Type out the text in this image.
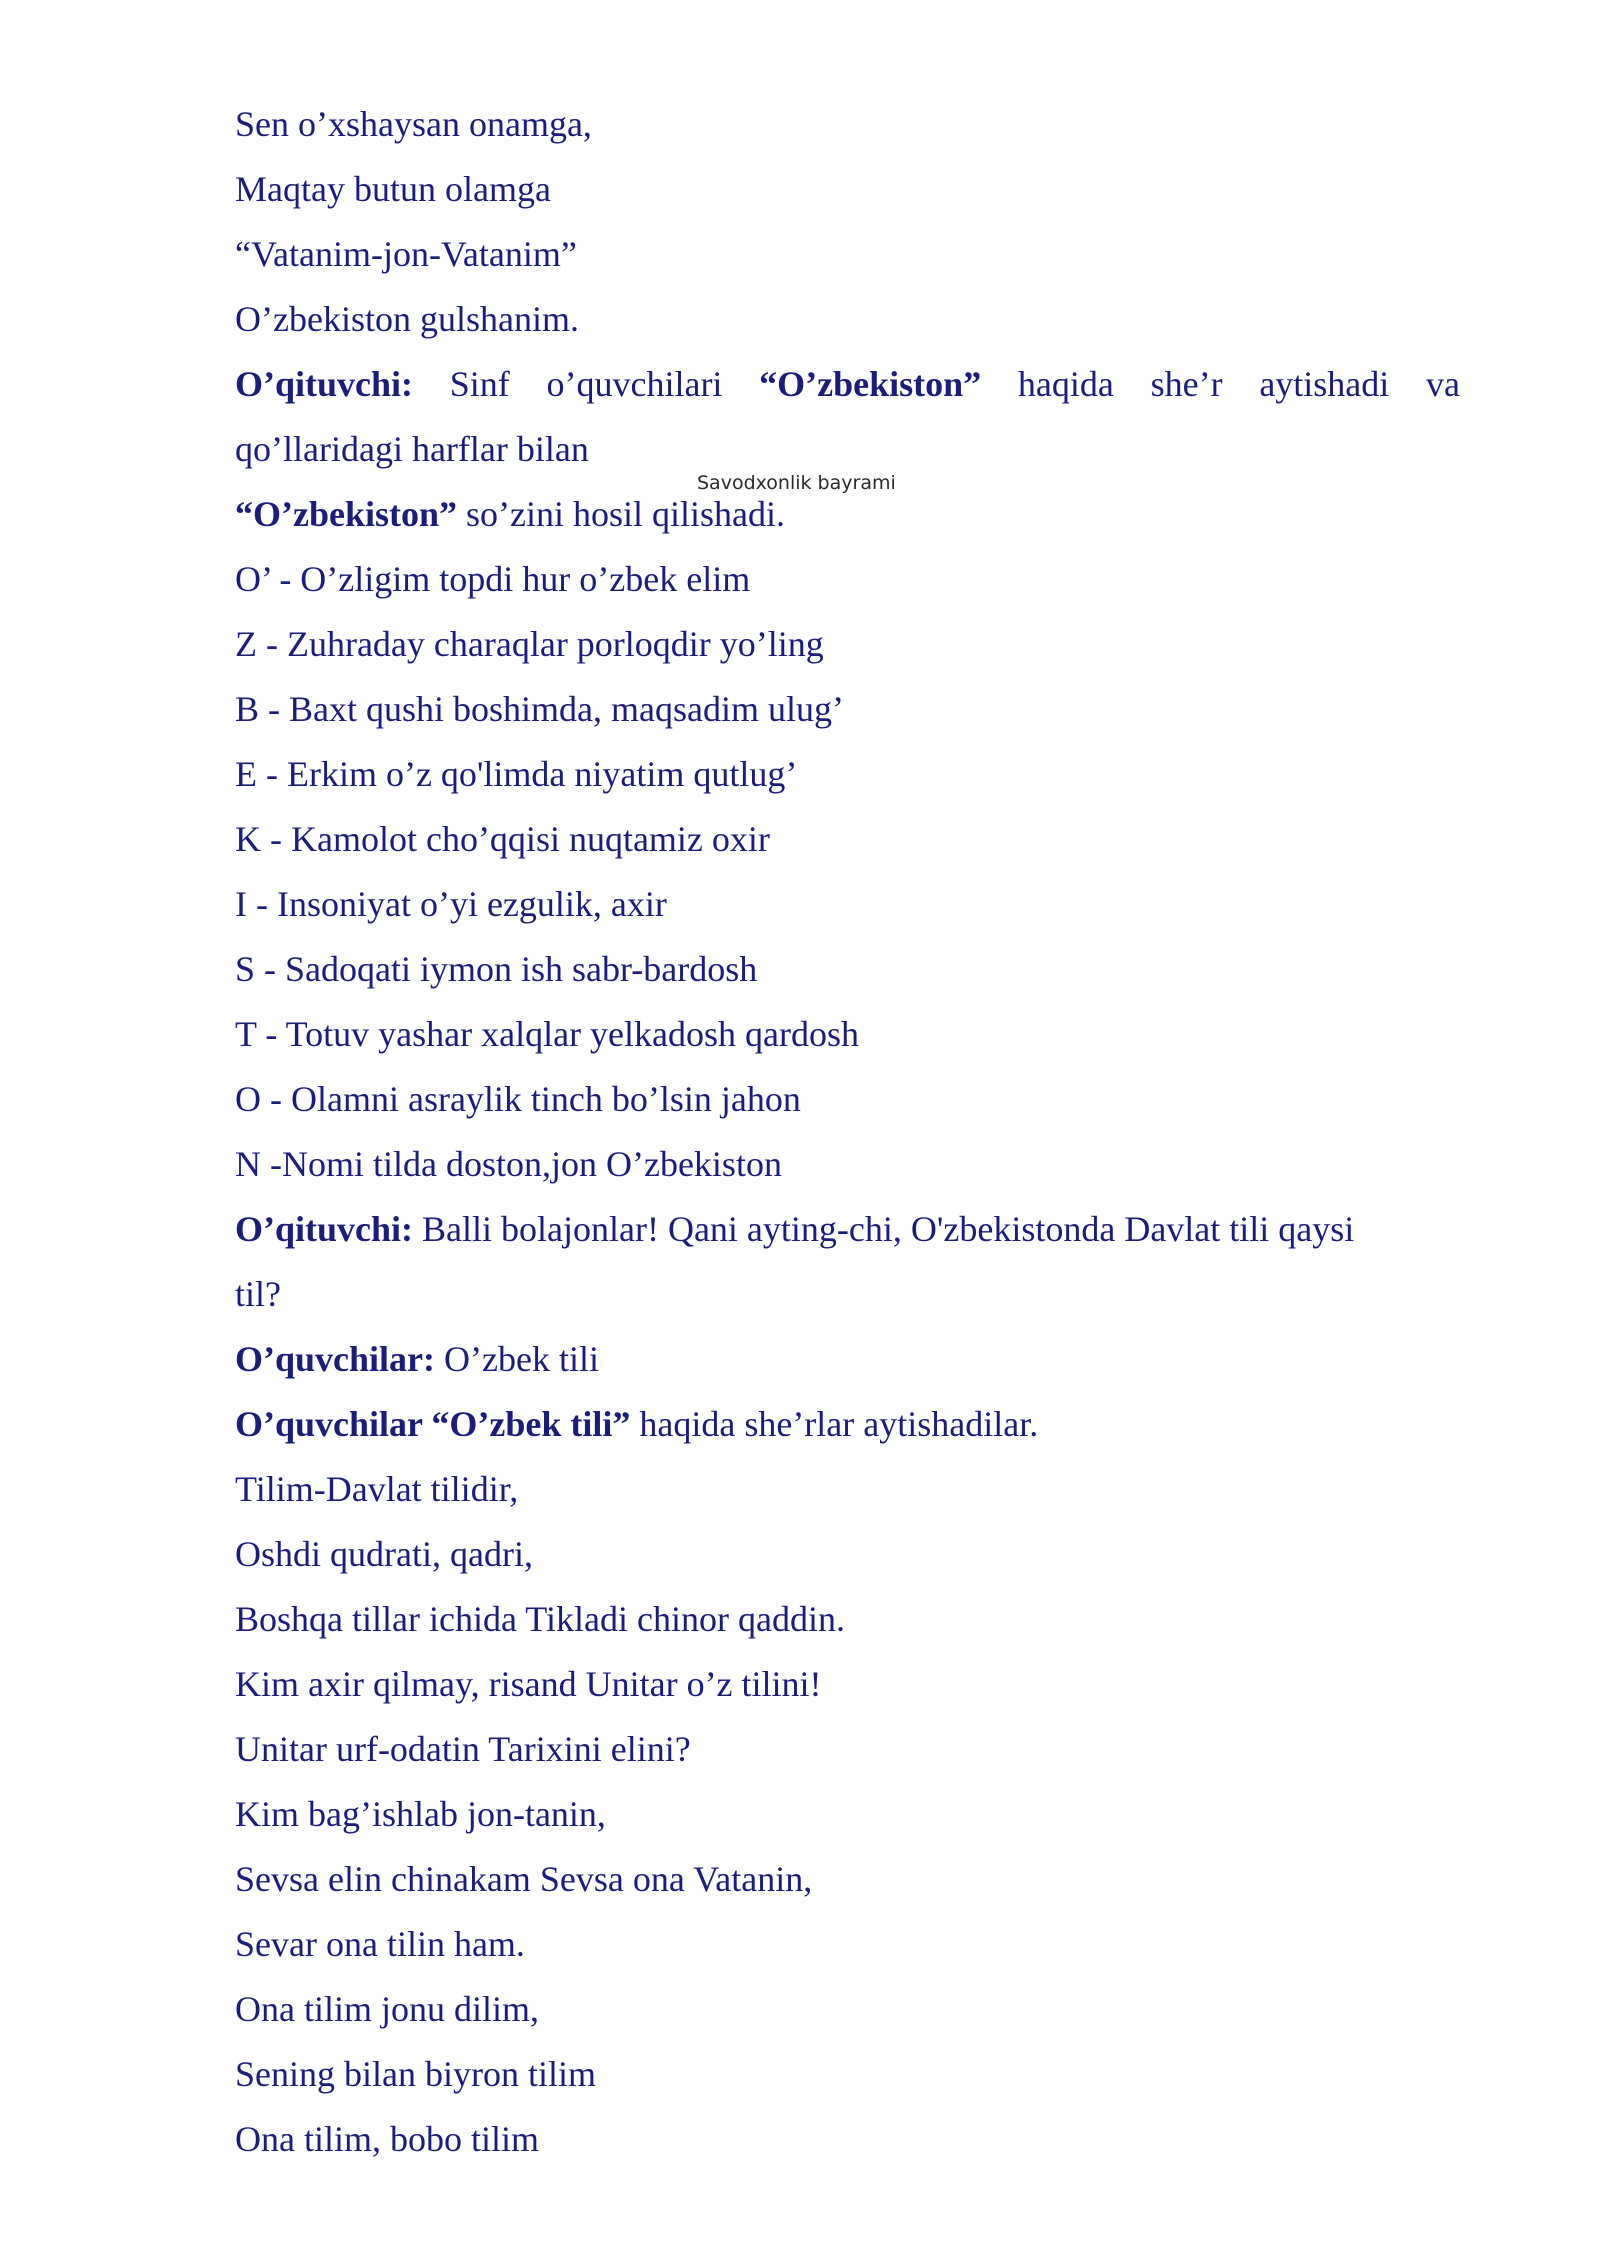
Savodxonlik bayrami

Sen o’xshaysan onamga,

Maqtay butun olamga

“Vatanim-jon-Vatanim”

O’zbekiston gulshanim.

O’qituvchi: Sinf o’quvchilari “O’zbekiston” haqida she’r aytishadi va

qo’llaridagi harflar bilan

“O’zbekiston” so’zini hosil qilishadi.

O’ - O’zligim topdi hur o’zbek elim

Z - Zuhraday charaqlar porloqdir yo’ling

B - Baxt qushi boshimda, maqsadim ulug’

E - Erkim o’z qo'limda niyatim qutlug’

K - Kamolot cho’qqisi nuqtamiz oxir

I - Insoniyat o’yi ezgulik, axir

S - Sadoqati iymon ish sabr-bardosh

T - Totuv yashar xalqlar yelkadosh qardosh

O - Olamni asraylik tinch bo’lsin jahon

N -Nomi tilda doston,jon O’zbekiston

O’qituvchi: Balli bolajonlar! Qani ayting-chi, O'zbekistonda Davlat tili qaysi

til?

O’quvchilar: O’zbek tili

O’quvchilar “O’zbek tili” haqida she’rlar aytishadilar.

Tilim-Davlat tilidir,

Oshdi qudrati, qadri,

Boshqa tillar ichida Tikladi chinor qaddin.

Kim axir qilmay, risand Unitar o’z tilini!

Unitar urf-odatin Tarixini elini?

Kim bag’ishlab jon-tanin,

Sevsa elin chinakam Sevsa ona Vatanin,

Sevar ona tilin ham.

Ona tilim jonu dilim,

Sening bilan biyron tilim

Ona tilim, bobo tilim
